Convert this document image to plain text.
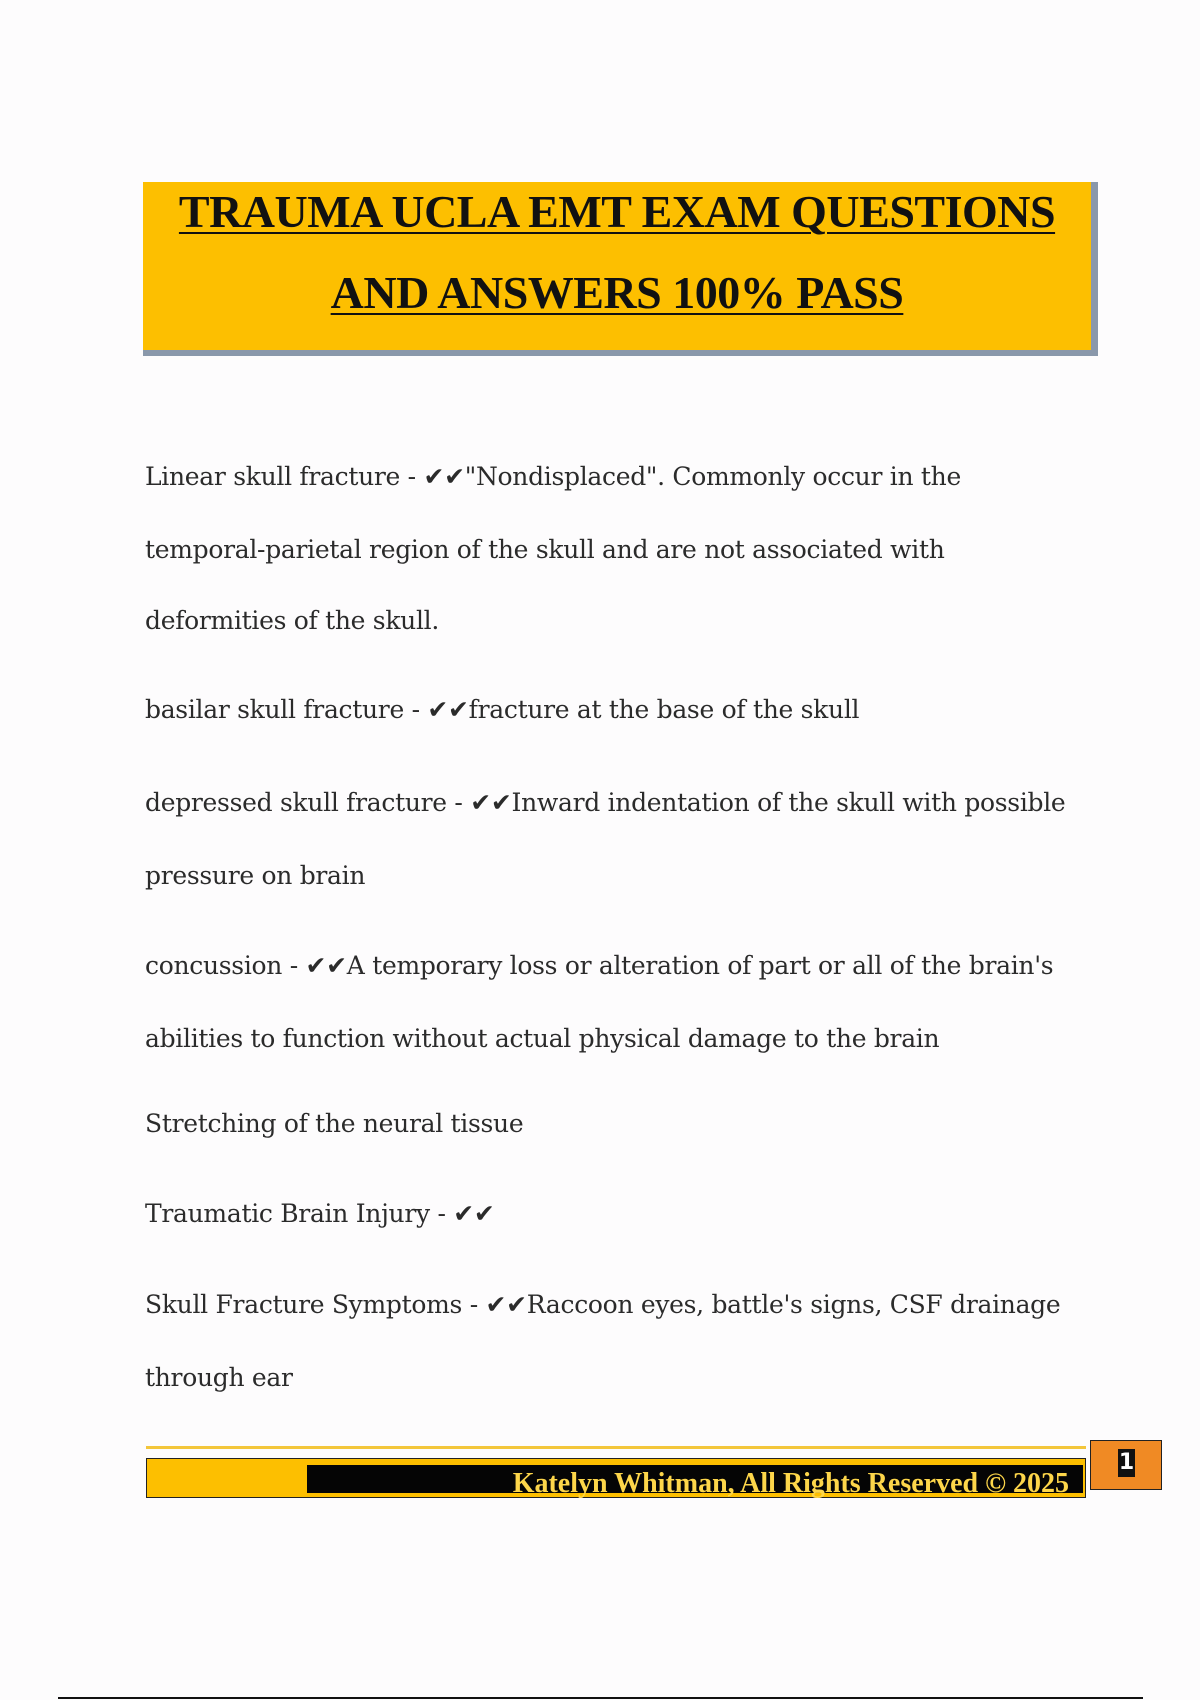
TRAUMA UCLA EMT EXAM QUESTIONS
AND ANSWERS 100% PASS
Linear skull fracture - ✔✔"Nondisplaced". Commonly occur in the
temporal-parietal region of the skull and are not associated with
deformities of the skull.
basilar skull fracture - ✔✔fracture at the base of the skull
depressed skull fracture - ✔✔Inward indentation of the skull with possible
pressure on brain
concussion - ✔✔A temporary loss or alteration of part or all of the brain's
abilities to function without actual physical damage to the brain
Stretching of the neural tissue
Traumatic Brain Injury - ✔✔
Skull Fracture Symptoms - ✔✔Raccoon eyes, battle's signs, CSF drainage
through ear
Katelyn Whitman, All Rights Reserved © 2025
1
